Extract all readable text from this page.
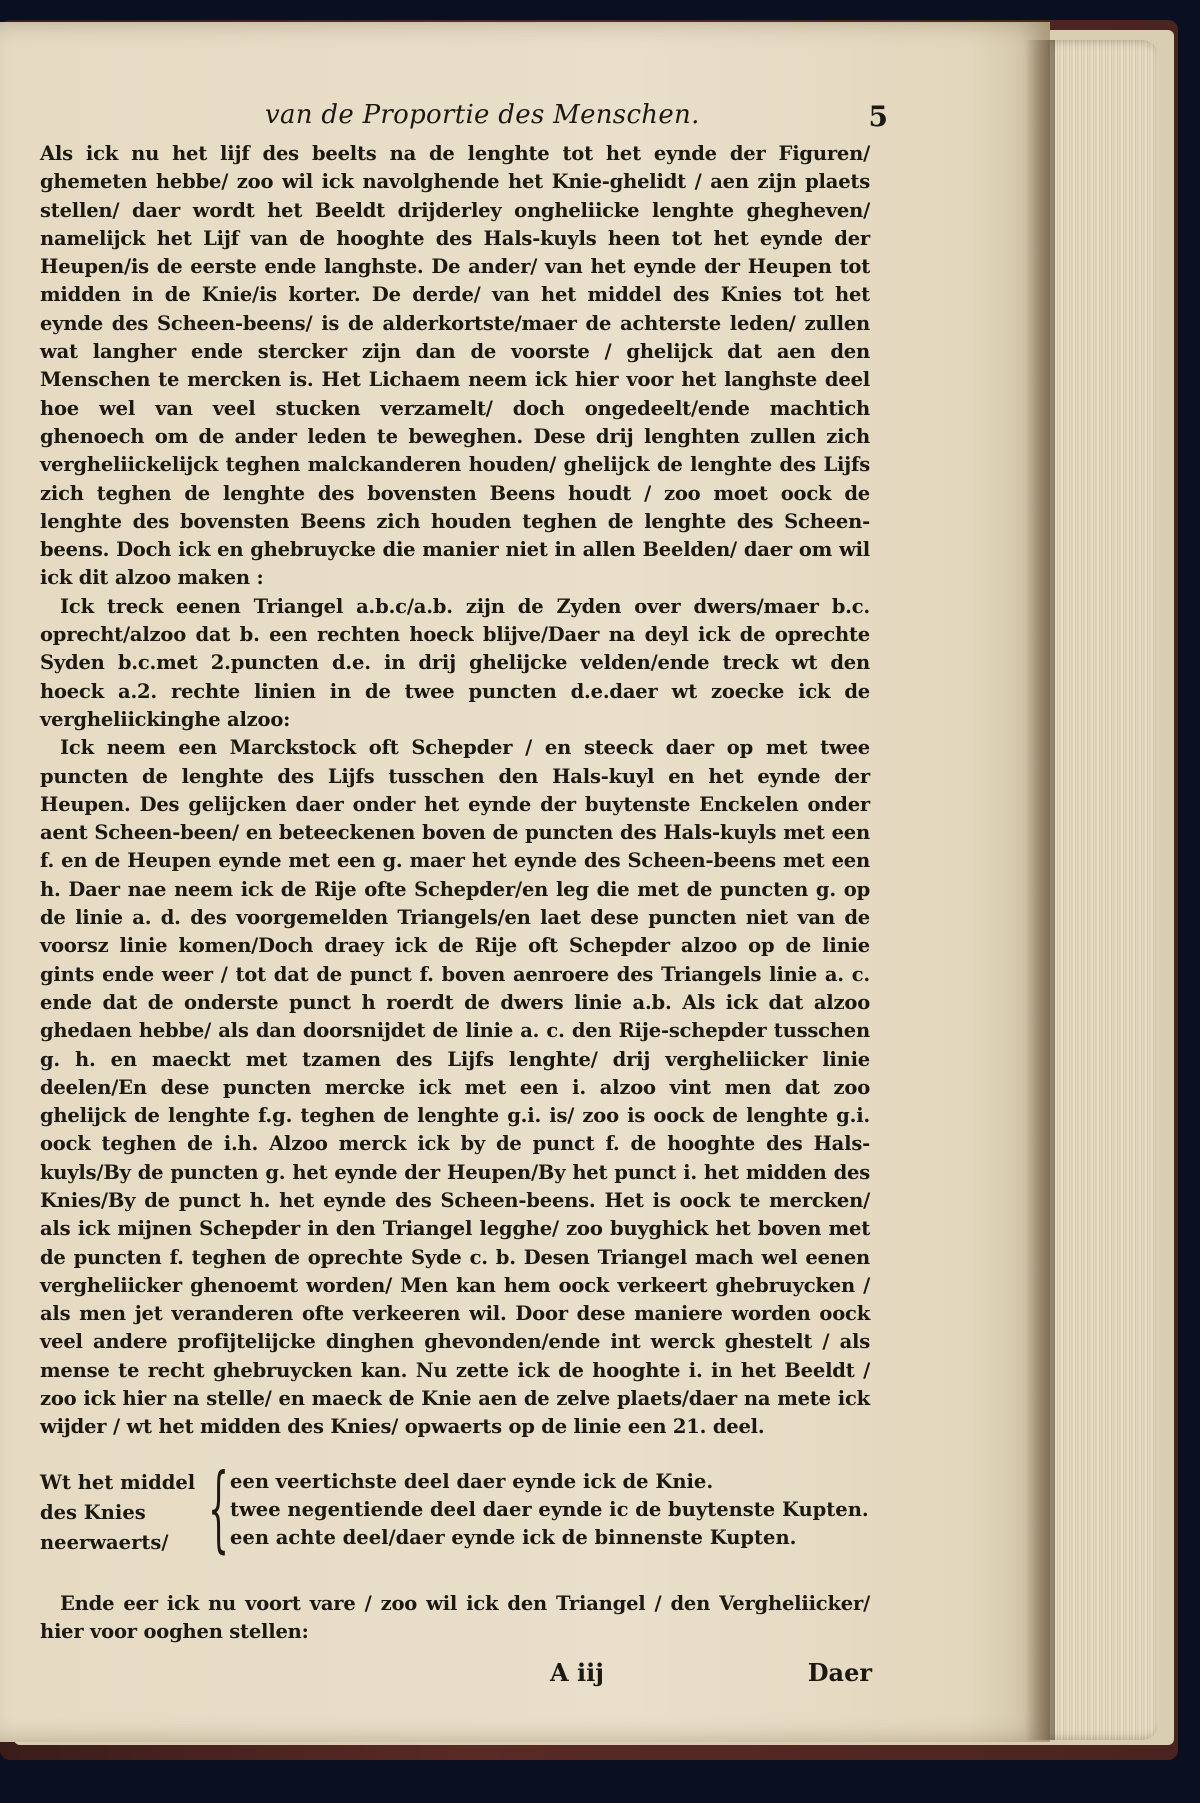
van de Proportie des Menschen.	5

Als ick nu het lijf des beelts na de lenghte tot het eynde der Figuren/ ghemeten hebbe/ zoo wil ick navolghende het Knie-ghelidt / aen zijn plaets stellen/ daer wordt het Beeldt drijderley ongheliicke lenghte ghegheven/ namelijck het Lijf van de hooghte des Hals-kuyls heen tot het eynde der Heupen/is de eerste ende langhste. De ander/ van het eynde der Heupen tot midden in de Knie/is korter. De derde/ van het middel des Knies tot het eynde des Scheen-beens/ is de alderkortste/maer de achterste leden/ zullen wat langher ende stercker zijn dan de voorste / ghelijck dat aen den Menschen te mercken is. Het Lichaem neem ick hier voor het langhste deel hoe wel van veel stucken verzamelt/ doch ongedeelt/ende machtich ghenoech om de ander leden te beweghen. Dese drij lenghten zullen zich vergheliickelijck teghen malckanderen houden/ ghelijck de lenghte des Lijfs zich teghen de lenghte des bovensten Beens houdt / zoo moet oock de lenghte des bovensten Beens zich houden teghen de lenghte des Scheen-beens. Doch ick en ghebruycke die manier niet in allen Beelden/ daer om wil ick dit alzoo maken :

Ick treck eenen Triangel a.b.c/a.b. zijn de Zyden over dwers/maer b.c. oprecht/alzoo dat b. een rechten hoeck blijve/Daer na deyl ick de oprechte Syden b.c.met 2.puncten d.e. in drij ghelijcke velden/ende treck wt den hoeck a.2. rechte linien in de twee puncten d.e.daer wt zoecke ick de vergheliickinghe alzoo:

Ick neem een Marckstock oft Schepder / en steeck daer op met twee puncten de lenghte des Lijfs tusschen den Hals-kuyl en het eynde der Heupen. Des gelijcken daer onder het eynde der buytenste Enckelen onder aent Scheen-been/ en beteeckenen boven de puncten des Hals-kuyls met een f. en de Heupen eynde met een g. maer het eynde des Scheen-beens met een h. Daer nae neem ick de Rije ofte Schepder/en leg die met de puncten g. op de linie a. d. des voorgemelden Triangels/en laet dese puncten niet van de voorsz linie komen/Doch draey ick de Rije oft Schepder alzoo op de linie gints ende weer / tot dat de punct f. boven aenroere des Triangels linie a. c. ende dat de onderste punct h roerdt de dwers linie a.b. Als ick dat alzoo ghedaen hebbe/ als dan doorsnijdet de linie a. c. den Rije-schepder tusschen g. h. en maeckt met tzamen des Lijfs lenghte/ drij vergheliicker linie deelen/En dese puncten mercke ick met een i. alzoo vint men dat zoo ghelijck de lenghte f.g. teghen de lenghte g.i. is/ zoo is oock de lenghte g.i. oock teghen de i.h. Alzoo merck ick by de punct f. de hooghte des Hals-kuyls/By de puncten g. het eynde der Heupen/By het punct i. het midden des Knies/By de punct h. het eynde des Scheen-beens. Het is oock te mercken/ als ick mijnen Schepder in den Triangel legghe/ zoo buyghick het boven met de puncten f. teghen de oprechte Syde c. b. Desen Triangel mach wel eenen vergheliicker ghenoemt worden/ Men kan hem oock verkeert ghebruycken / als men jet veranderen ofte verkeeren wil. Door dese maniere worden oock veel andere profijtelijcke dinghen ghevonden/ende int werck ghestelt / als mense te recht ghebruycken kan. Nu zette ick de hooghte i. in het Beeldt / zoo ick hier na stelle/ en maeck de Knie aen de zelve plaets/daer na mete ick wijder / wt het midden des Knies/ opwaerts op de linie een 21. deel.

Wt het middel des Knies neerwaerts/ { een veertichste deel daer eynde ick de Knie.
twee negentiende deel daer eynde ic de buytenste Kupten.
een achte deel/daer eynde ick de binnenste Kupten.

Ende eer ick nu voort vare / zoo wil ick den Triangel / den Vergheliicker/ hier voor ooghen stellen:

A iij	Daer
